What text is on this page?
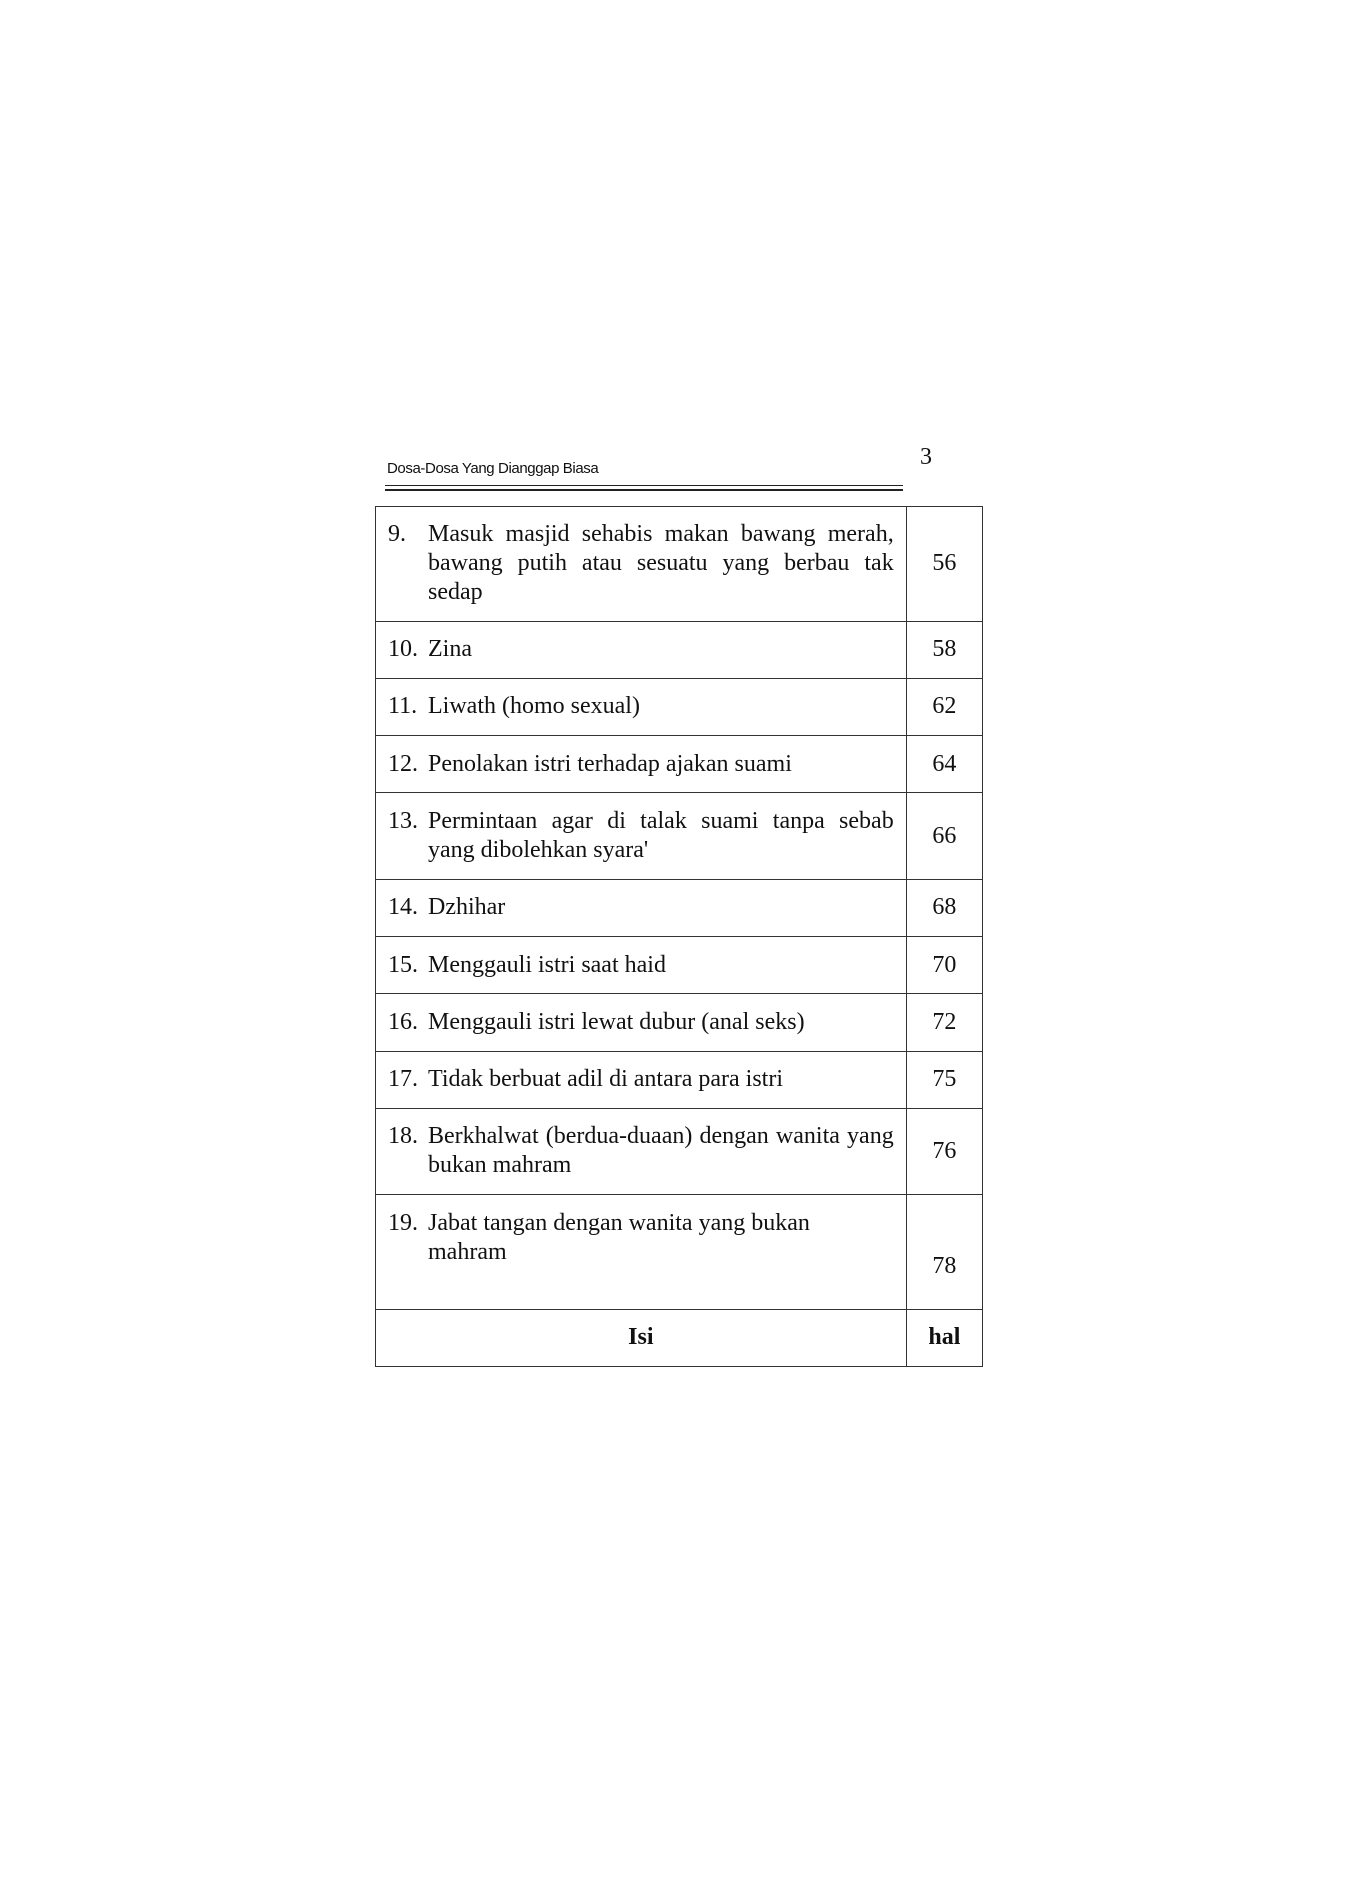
Dosa-Dosa Yang Dianggap Biasa	3
9. Masuk masjid sehabis makan bawang merah, bawang putih atau sesuatu yang berbau tak sedap	56

10. Zina	58

11. Liwath (homo sexual)	62

12. Penolakan istri terhadap ajakan suami	64

13. Permintaan agar di talak suami tanpa sebab yang dibolehkan syara'	66

14. Dzhihar	68

15. Menggauli istri saat haid	70

16. Menggauli istri lewat dubur (anal seks)	72

17. Tidak berbuat adil di antara para istri	75

18. Berkhalwat (berdua-duaan) dengan wanita yang bukan mahram	76

19. Jabat tangan dengan wanita yang bukan mahram	78
Isi	hal
